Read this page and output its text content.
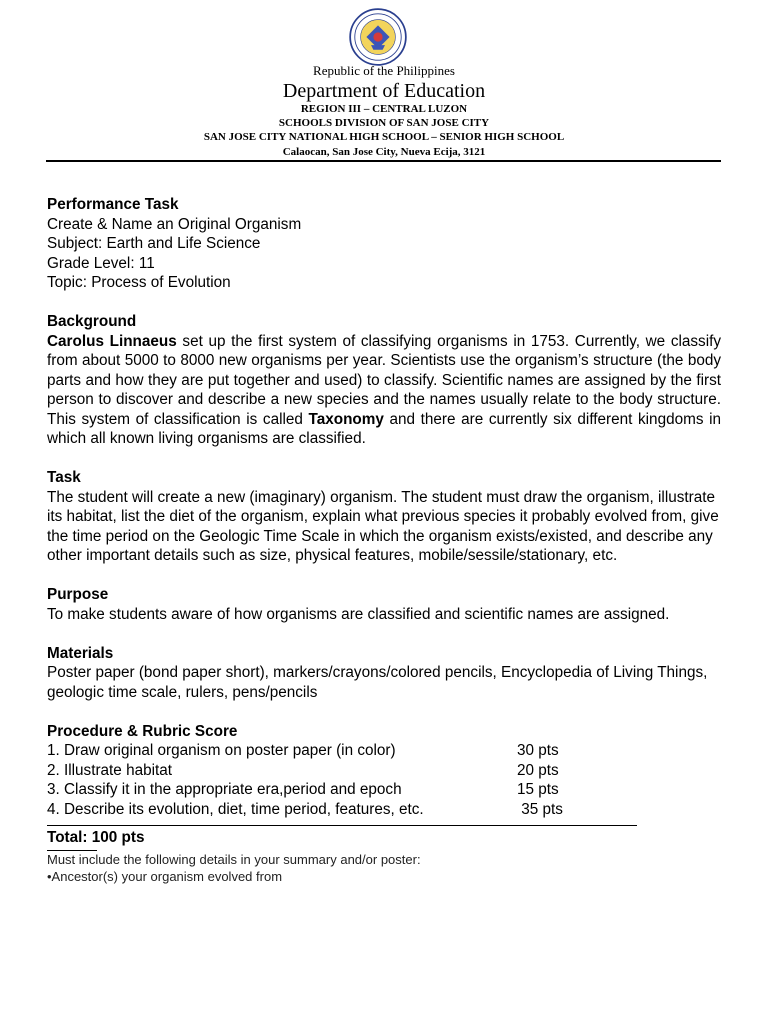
Republic of the Philippines
Department of Education
REGION III – CENTRAL LUZON
SCHOOLS DIVISION OF SAN JOSE CITY
SAN JOSE CITY NATIONAL HIGH SCHOOL – SENIOR HIGH SCHOOL
Calaocan, San Jose City, Nueva Ecija, 3121

Performance Task

Create & Name an Original Organism

Subject: Earth and Life Science

Grade Level: 11

Topic: Process of Evolution

Background

Carolus Linnaeus set up the first system of classifying organisms in 1753. Currently, we classify from about 5000 to 8000 new organisms per year. Scientists use the organism’s structure (the body parts and how they are put together and used) to classify. Scientific names are assigned by the first person to discover and describe a new species and the names usually relate to the body structure. This system of classification is called Taxonomy and there are currently six different kingdoms in which all known living organisms are classified.

Task

The student will create a new (imaginary) organism. The student must draw the organism, illustrate its habitat, list the diet of the organism, explain what previous species it probably evolved from, give the time period on the Geologic Time Scale in which the organism exists/existed, and describe any other important details such as size, physical features, mobile/sessile/stationary, etc.

Purpose

To make students aware of how organisms are classified and scientific names are assigned.

Materials

Poster paper (bond paper short), markers/crayons/colored pencils, Encyclopedia of Living Things, geologic time scale, rulers, pens/pencils

Procedure & Rubric Score

1. Draw original organism on poster paper (in color)	30 pts
2. Illustrate habitat	20 pts
3. Classify it in the appropriate era,period and epoch	15 pts
4. Describe its evolution, diet, time period, features, etc.	35 pts

Total: 100 pts

Must include the following details in your summary and/or poster:

•Ancestor(s) your organism evolved from
